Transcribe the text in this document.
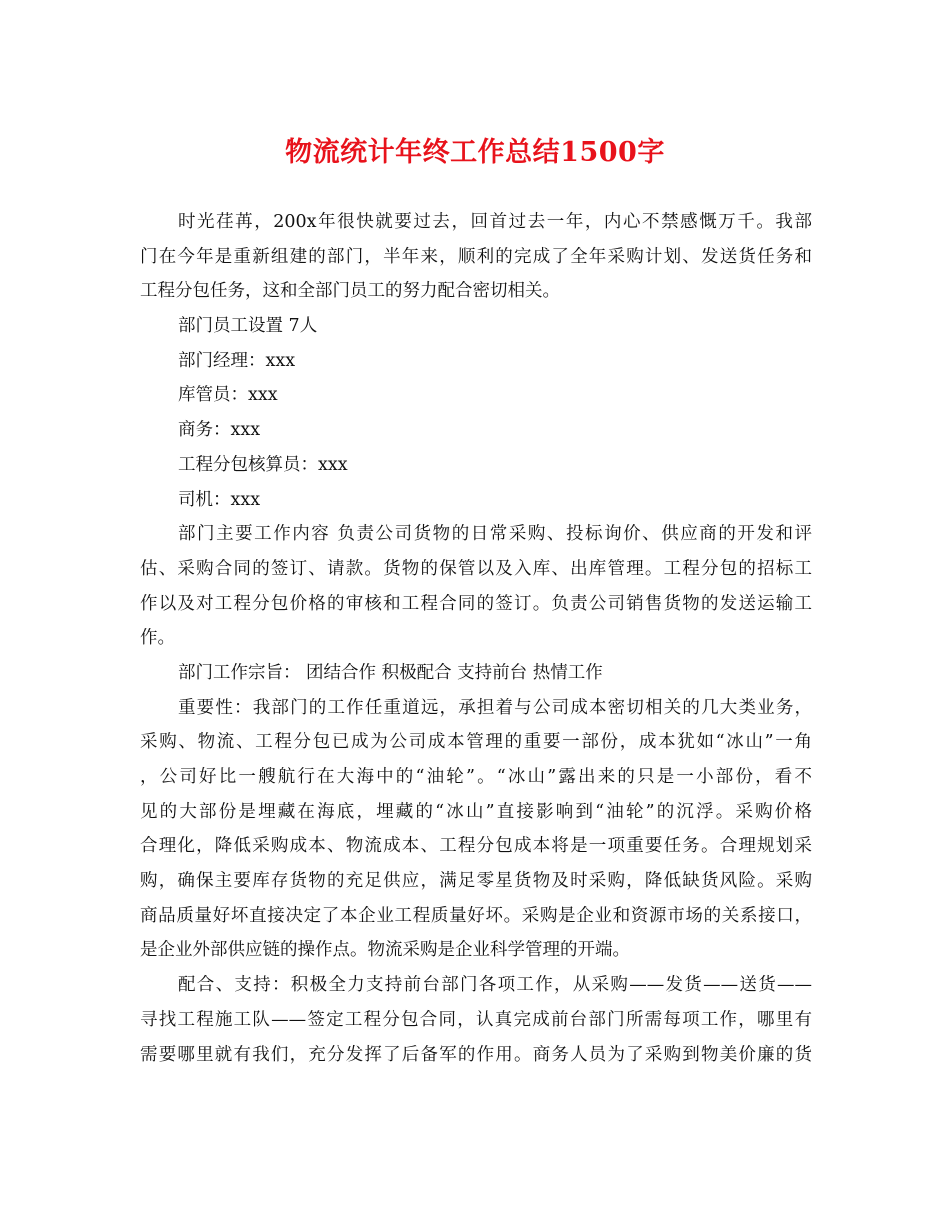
物流统计年终工作总结1500字
时光荏苒，200x年很快就要过去，回首过去一年，内心不禁感慨万千。我部
门在今年是重新组建的部门，半年来，顺利的完成了全年采购计划、发送货任务和
工程分包任务，这和全部门员工的努力配合密切相关。
部门员工设置 7人
部门经理：xxx
库管员：xxx
商务：xxx
工程分包核算员：xxx
司机：xxx
部门主要工作内容 负责公司货物的日常采购、投标询价、供应商的开发和评
估、采购合同的签订、请款。货物的保管以及入库、出库管理。工程分包的招标工
作以及对工程分包价格的审核和工程合同的签订。负责公司销售货物的发送运输工
作。
部门工作宗旨： 团结合作 积极配合 支持前台 热情工作
重要性：我部门的工作任重道远，承担着与公司成本密切相关的几大类业务，
采购、物流、工程分包已成为公司成本管理的重要一部份，成本犹如“冰山”一角
，公司好比一艘航行在大海中的“油轮”。“冰山”露出来的只是一小部份，看不
见的大部份是埋藏在海底，埋藏的“冰山”直接影响到“油轮”的沉浮。采购价格
合理化，降低采购成本、物流成本、工程分包成本将是一项重要任务。合理规划采
购，确保主要库存货物的充足供应，满足零星货物及时采购，降低缺货风险。采购
商品质量好坏直接决定了本企业工程质量好坏。采购是企业和资源市场的关系接口，
是企业外部供应链的操作点。物流采购是企业科学管理的开端。
配合、支持：积极全力支持前台部门各项工作，从采购——发货——送货——
寻找工程施工队——签定工程分包合同，认真完成前台部门所需每项工作，哪里有
需要哪里就有我们，充分发挥了后备军的作用。商务人员为了采购到物美价廉的货
